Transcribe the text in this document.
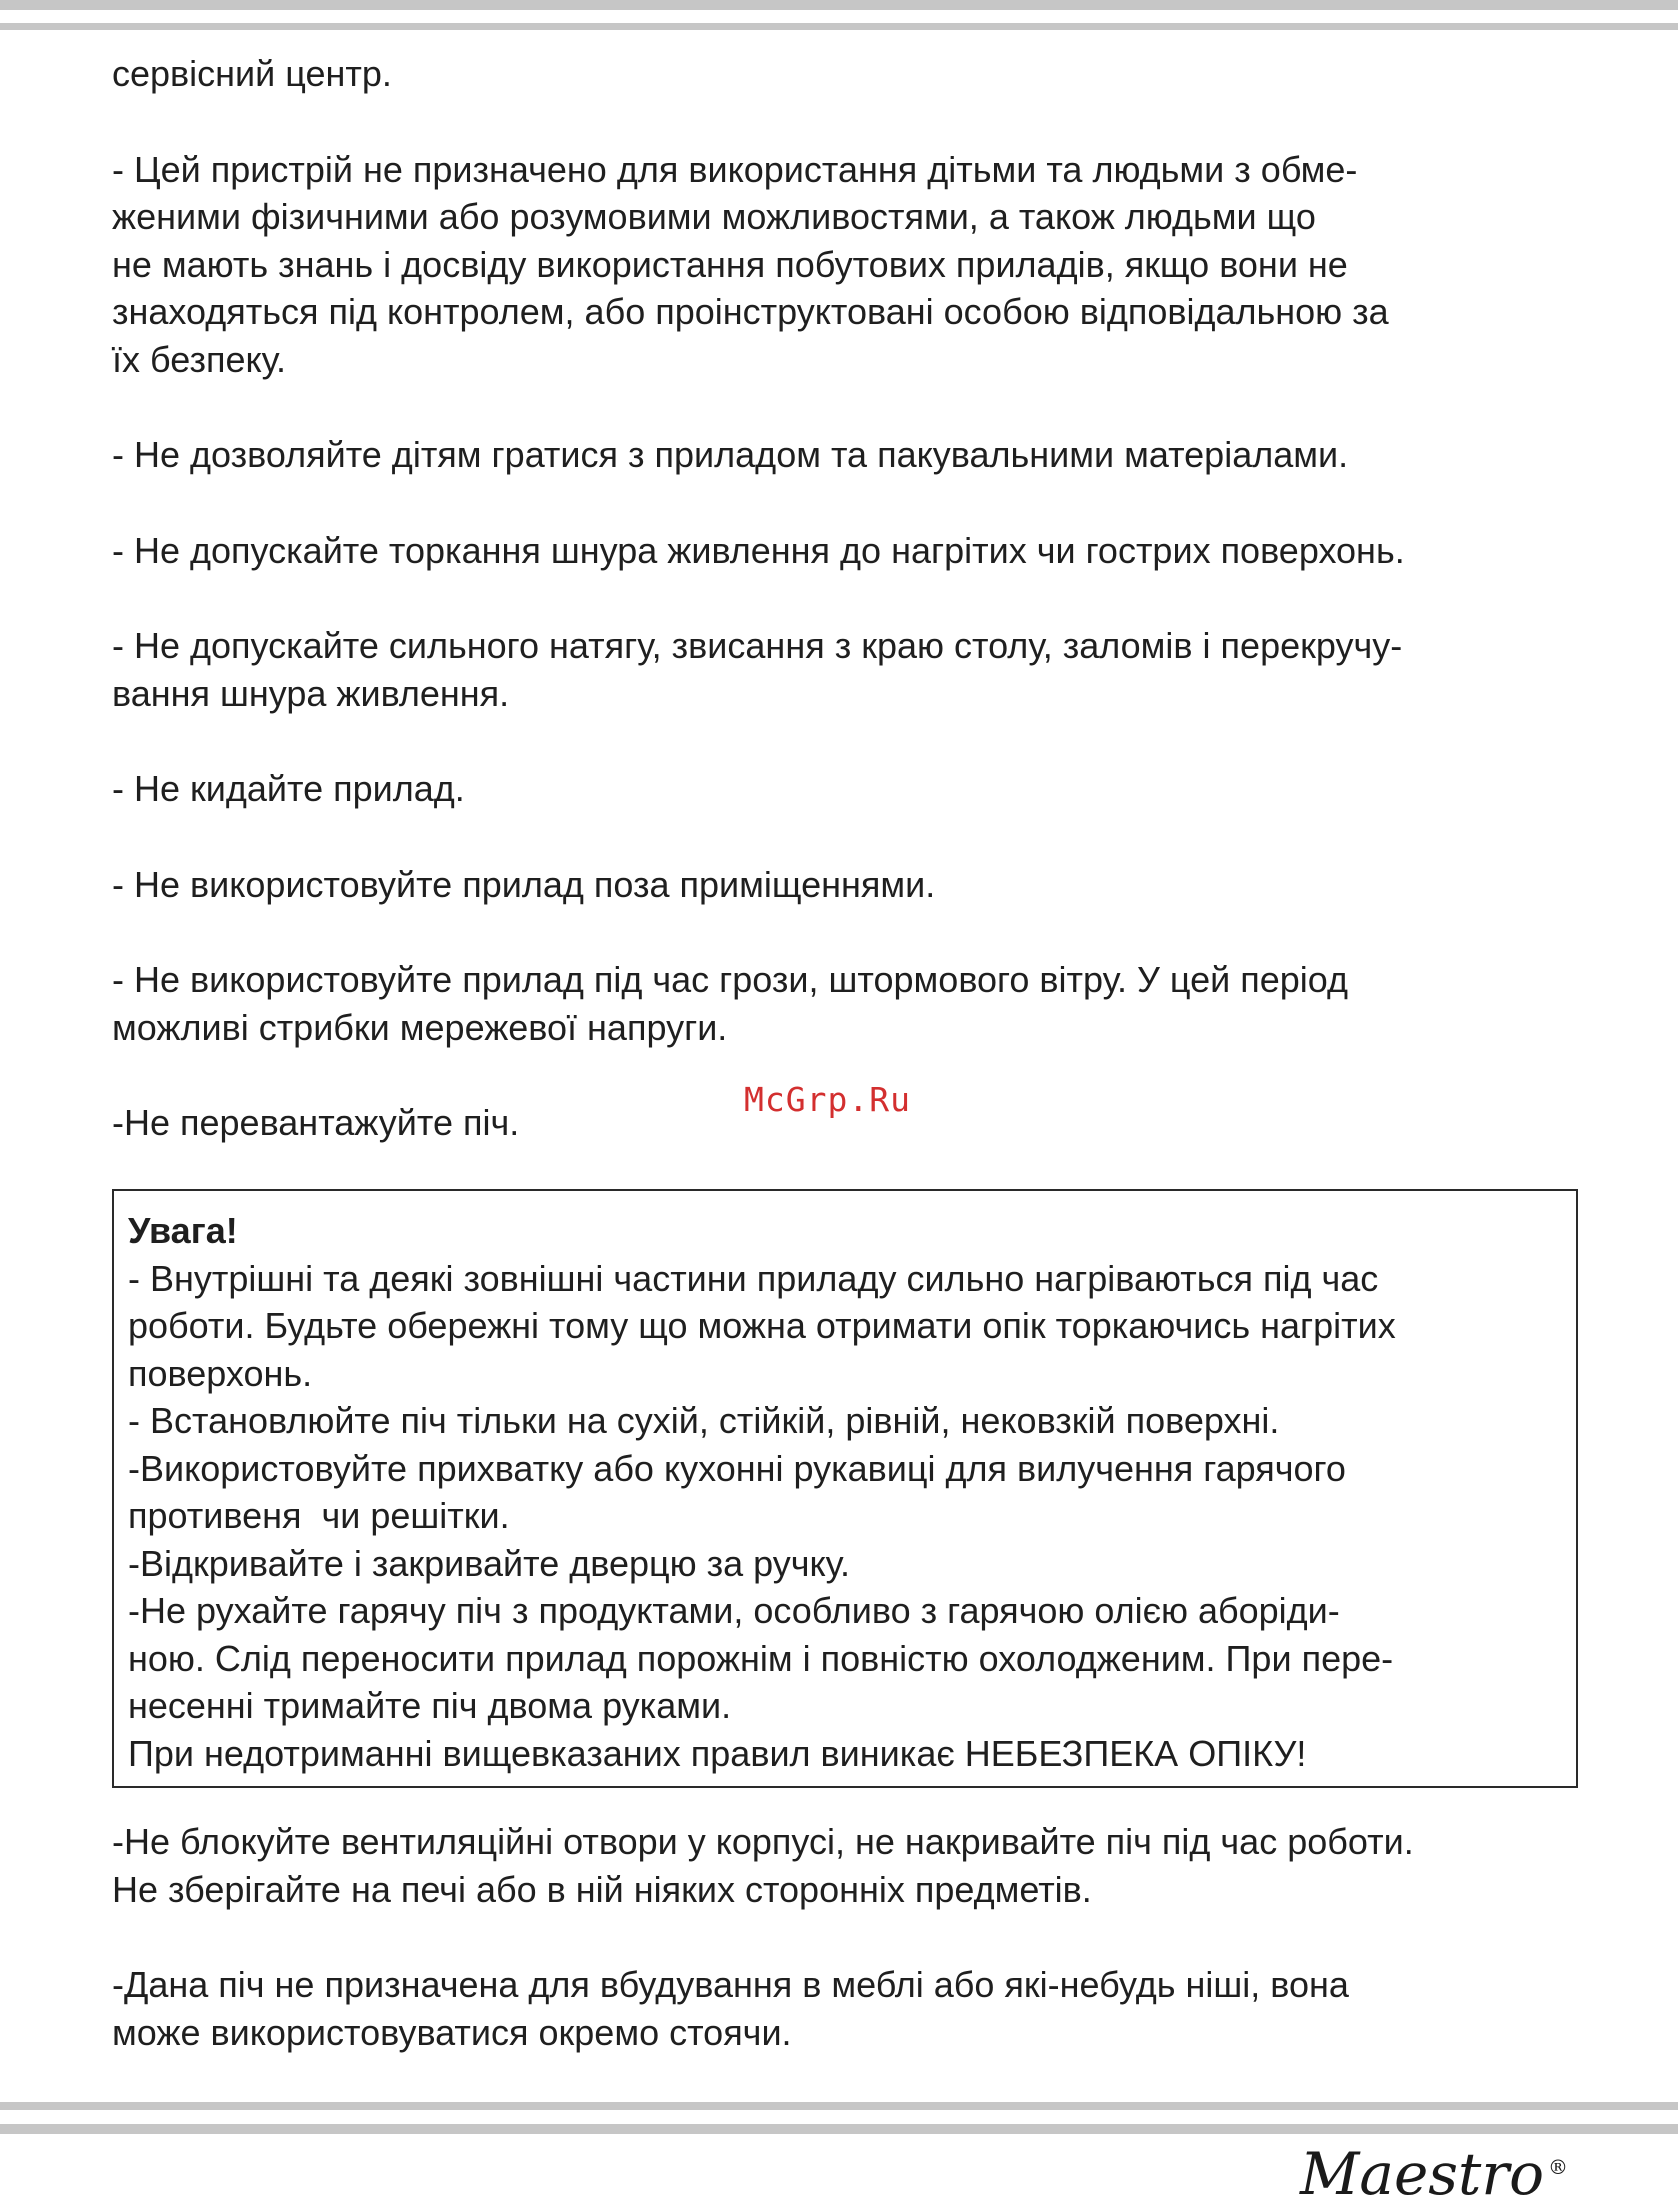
сервісний центр.

- Цей пристрій не призначено для використання дітьми та людьми з обме-
женими фізичними або розумовими можливостями, а також людьми що
не мають знань і досвіду використання побутових приладів, якщо вони не
знаходяться під контролем, або проінструктовані особою відповідальною за
їх безпеку.

- Не дозволяйте дітям гратися з приладом та пакувальними матеріалами.

- Не допускайте торкання шнура живлення до нагрітих чи гострих поверхонь.

- Не допускайте сильного натягу, звисання з краю столу, заломів і перекручу-
вання шнура живлення.

- Не кидайте прилад.

- Не використовуйте прилад поза приміщеннями.

- Не використовуйте прилад під час грози, штормового вітру. У цей період
можливі стрибки мережевої напруги.

-Не перевантажуйте піч.

McGrp.Ru
Увага!
- Внутрішні та деякі зовнішні частини приладу сильно нагріваються під час
роботи. Будьте обережні тому що можна отримати опік торкаючись нагрітих
поверхонь.
- Встановлюйте піч тільки на сухій, стійкій, рівній, нековзкій поверхні.
-Використовуйте прихватку або кухонні рукавиці для вилучення гарячого
противеня  чи решітки.
-Відкривайте і закривайте дверцю за ручку.
-Не рухайте гарячу піч з продуктами, особливо з гарячою олією аборіди-
ною. Слід переносити прилад порожнім і повністю охолодженим. При пере-
несенні тримайте піч двома руками.
При недотриманні вищевказаних правил виникає НЕБЕЗПЕКА ОПІКУ!

-Не блокуйте вентиляційні отвори у корпусі, не накривайте піч під час роботи.
Не зберігайте на печі або в ній ніяких сторонніх предметів.

-Дана піч не призначена для вбудування в меблі або які-небудь ніші, вона
може використовуватися окремо стоячи.

Maestro ®
